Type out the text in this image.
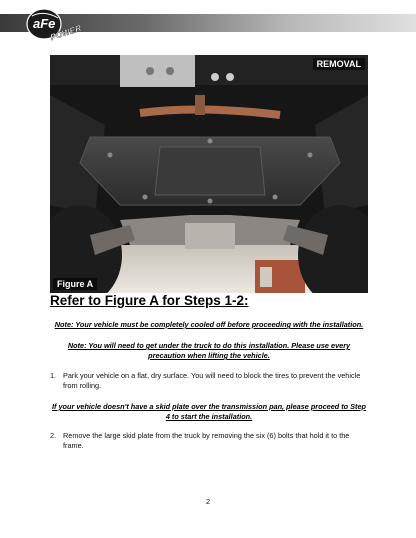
aFe
POWER
REMOVAL
Figure A
Refer to Figure A for Steps 1-2:
Note: Your vehicle must be completely cooled off before proceeding with the installation.
Note: You will need to get under the truck to do this installation. Please use every precaution when lifting the vehicle.
1. Park your vehicle on a flat, dry surface. You will need to block the tires to prevent the vehicle from rolling.
If your vehicle doesn't have a skid plate over the transmission pan, please proceed to Step 4 to start the installation.
2. Remove the large skid plate from the truck by removing the six (6) bolts that hold it to the frame.
2
